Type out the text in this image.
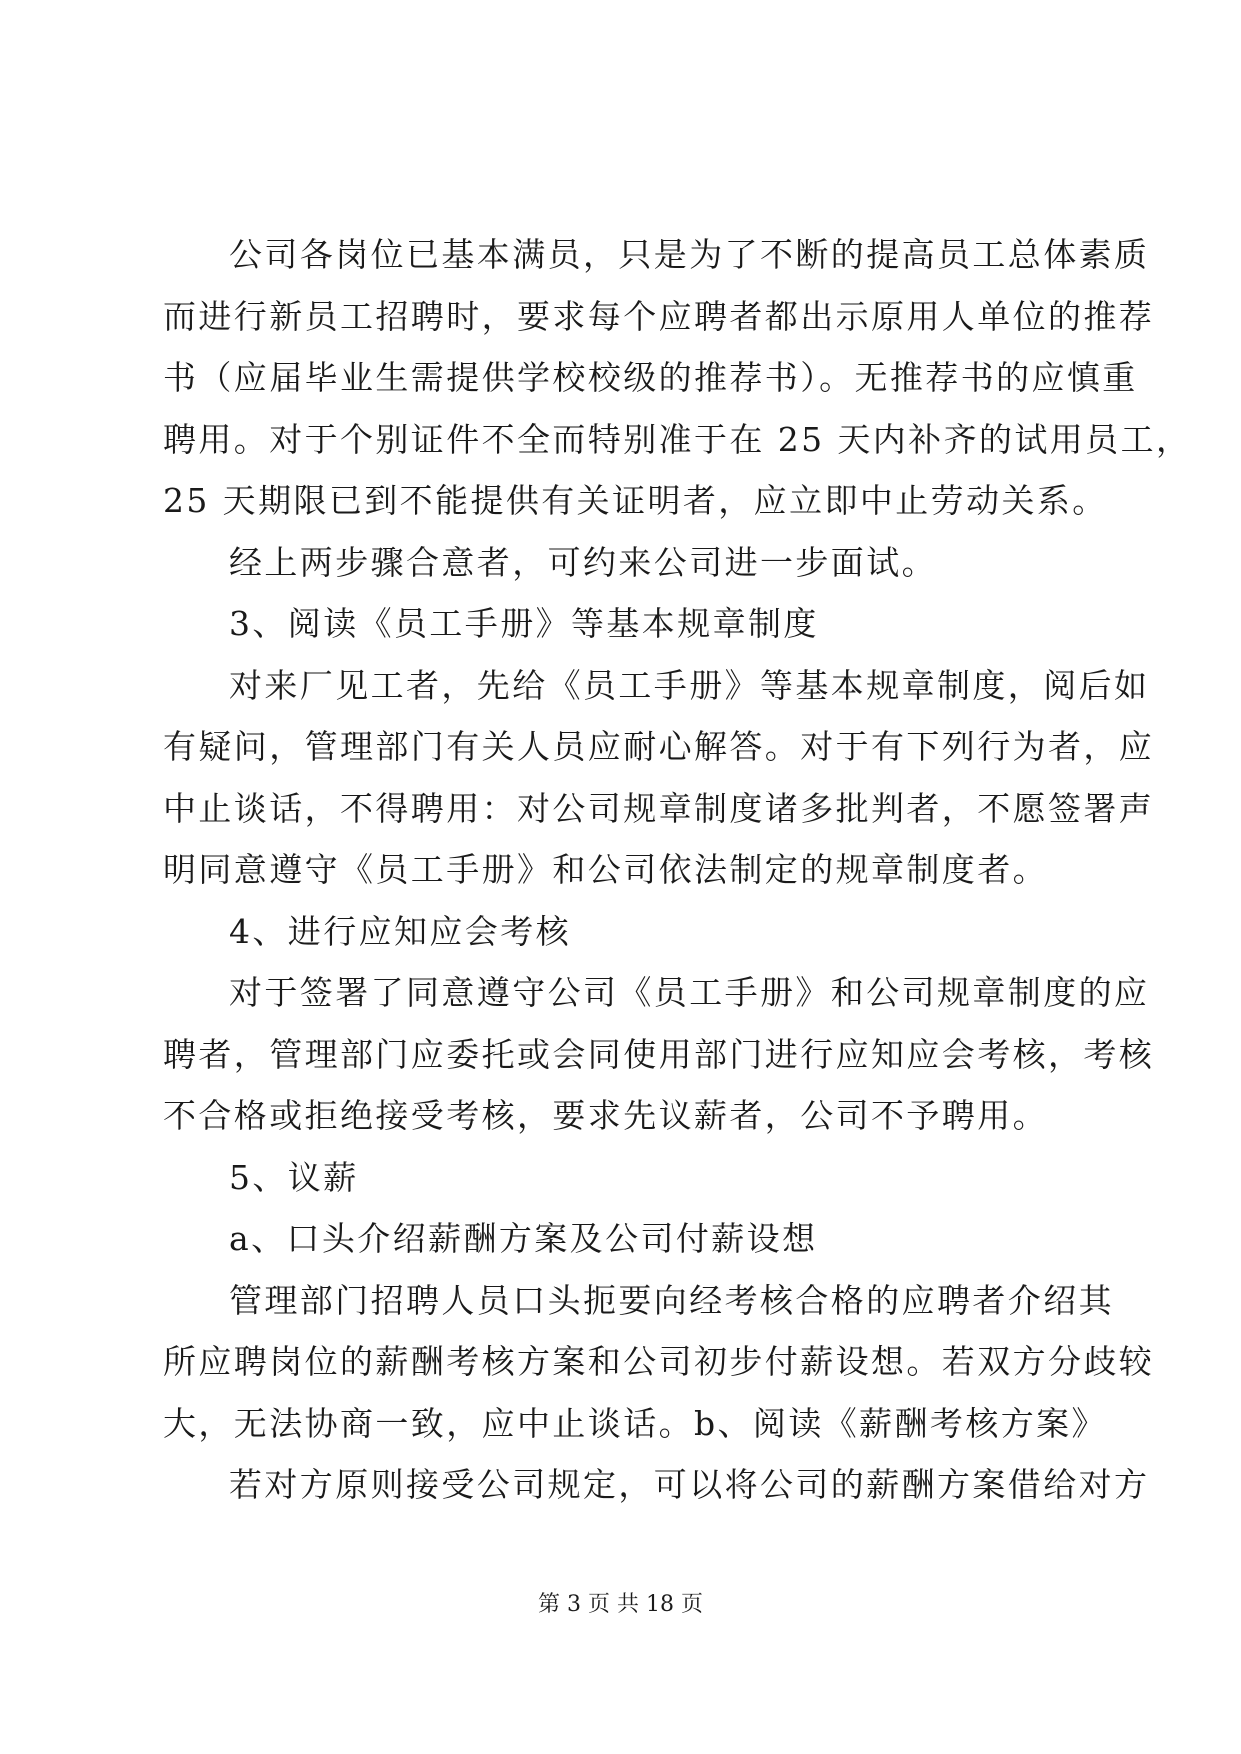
公司各岗位已基本满员，只是为了不断的提高员工总体素质
而进行新员工招聘时，要求每个应聘者都出示原用人单位的推荐
书（应届毕业生需提供学校校级的推荐书）。无推荐书的应慎重
聘用。对于个别证件不全而特别准于在 25 天内补齐的试用员工，
25 天期限已到不能提供有关证明者，应立即中止劳动关系。
经上两步骤合意者，可约来公司进一步面试。
3、阅读《员工手册》等基本规章制度
对来厂见工者，先给《员工手册》等基本规章制度，阅后如
有疑问，管理部门有关人员应耐心解答。对于有下列行为者，应
中止谈话，不得聘用：对公司规章制度诸多批判者，不愿签署声
明同意遵守《员工手册》和公司依法制定的规章制度者。
4、进行应知应会考核
对于签署了同意遵守公司《员工手册》和公司规章制度的应
聘者，管理部门应委托或会同使用部门进行应知应会考核，考核
不合格或拒绝接受考核，要求先议薪者，公司不予聘用。
5、议薪
a、口头介绍薪酬方案及公司付薪设想
管理部门招聘人员口头扼要向经考核合格的应聘者介绍其
所应聘岗位的薪酬考核方案和公司初步付薪设想。若双方分歧较
大，无法协商一致，应中止谈话。b、阅读《薪酬考核方案》
若对方原则接受公司规定，可以将公司的薪酬方案借给对方
第 3 页 共 18 页
